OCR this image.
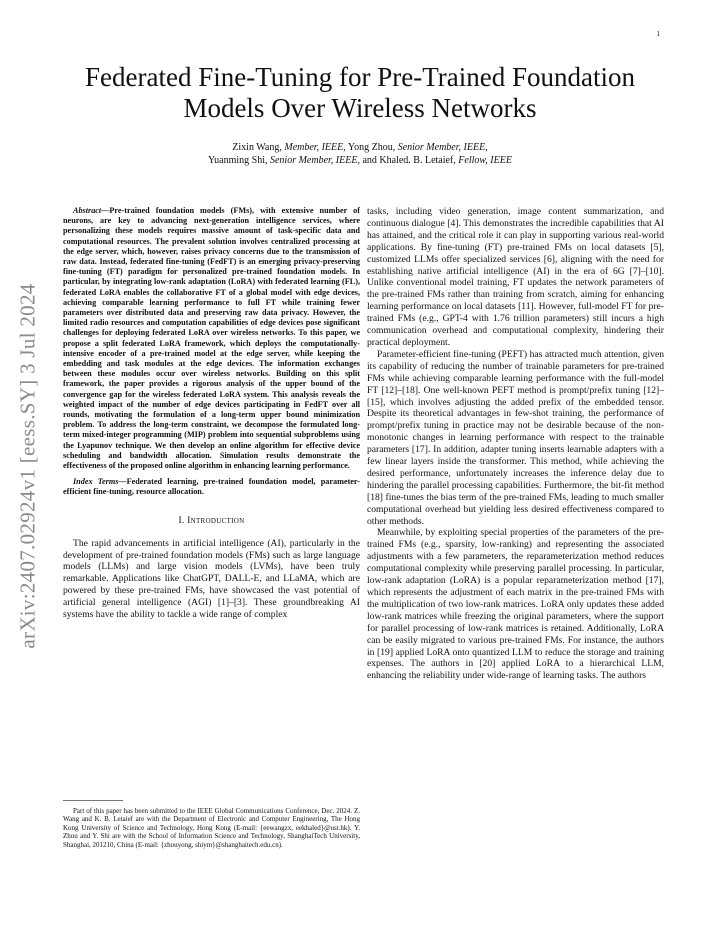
1
arXiv:2407.02924v1 [eess.SY] 3 Jul 2024
Federated Fine-Tuning for Pre-Trained Foundation Models Over Wireless Networks
Zixin Wang, Member, IEEE, Yong Zhou, Senior Member, IEEE,
Yuanming Shi, Senior Member, IEEE, and Khaled. B. Letaief, Fellow, IEEE

Abstract—Pre-trained foundation models (FMs), with extensive number of neurons, are key to advancing next-generation intelligence services, where personalizing these models requires massive amount of task-specific data and computational resources. The prevalent solution involves centralized processing at the edge server, which, however, raises privacy concerns due to the transmission of raw data. Instead, federated fine-tuning (FedFT) is an emerging privacy-preserving fine-tuning (FT) paradigm for personalized pre-trained foundation models. In particular, by integrating low-rank adaptation (LoRA) with federated learning (FL), federated LoRA enables the collaborative FT of a global model with edge devices, achieving comparable learning performance to full FT while training fewer parameters over distributed data and preserving raw data privacy. However, the limited radio resources and computation capabilities of edge devices pose significant challenges for deploying federated LoRA over wireless networks. To this paper, we propose a split federated LoRA framework, which deploys the computationally-intensive encoder of a pre-trained model at the edge server, while keeping the embedding and task modules at the edge devices. The information exchanges between these modules occur over wireless networks. Building on this split framework, the paper provides a rigorous analysis of the upper bound of the convergence gap for the wireless federated LoRA system. This analysis reveals the weighted impact of the number of edge devices participating in FedFT over all rounds, motivating the formulation of a long-term upper bound minimization problem. To address the long-term constraint, we decompose the formulated long-term mixed-integer programming (MIP) problem into sequential subproblems using the Lyapunov technique. We then develop an online algorithm for effective device scheduling and bandwidth allocation. Simulation results demonstrate the effectiveness of the proposed online algorithm in enhancing learning performance.

Index Terms—Federated learning, pre-trained foundation model, parameter-efficient fine-tuning, resource allocation.

I. Introduction

The rapid advancements in artificial intelligence (AI), particularly in the development of pre-trained foundation models (FMs) such as large language models (LLMs) and large vision models (LVMs), have been truly remarkable. Applications like ChatGPT, DALL-E, and LLaMA, which are powered by these pre-trained FMs, have showcased the vast potential of artificial general intelligence (AGI) [1]–[3]. These groundbreaking AI systems have the ability to tackle a wide range of complex

Part of this paper has been submitted to the IEEE Global Communications Conference, Dec. 2024. Z. Wang and K. B. Letaief are with the Department of Electronic and Computer Engineering, The Hong Kong University of Science and Technology, Hong Kong (E-mail: {eewangzx, eekhaled}@ust.hk). Y. Zhou and Y. Shi are with the School of Information Science and Technology, ShanghaiTech University, Shanghai, 201210, China (E-mail: {zhouyong, shiym}@shanghaitech.edu.cn).

tasks, including video generation, image content summarization, and continuous dialogue [4]. This demonstrates the incredible capabilities that AI has attained, and the critical role it can play in supporting various real-world applications. By fine-tuning (FT) pre-trained FMs on local datasets [5], customized LLMs offer specialized services [6], aligning with the need for establishing native artificial intelligence (AI) in the era of 6G [7]–[10]. Unlike conventional model training, FT updates the network parameters of the pre-trained FMs rather than training from scratch, aiming for enhancing learning performance on local datasets [11]. However, full-model FT for pre-trained FMs (e.g., GPT-4 with 1.76 trillion parameters) still incurs a high communication overhead and computational complexity, hindering their practical deployment.

Parameter-efficient fine-tuning (PEFT) has attracted much attention, given its capability of reducing the number of trainable parameters for pre-trained FMs while achieving comparable learning performance with the full-model FT [12]–[18]. One well-known PEFT method is prompt/prefix tuning [12]–[15], which involves adjusting the added prefix of the embedded tensor. Despite its theoretical advantages in few-shot training, the performance of prompt/prefix tuning in practice may not be desirable because of the non-monotonic changes in learning performance with respect to the trainable parameters [17]. In addition, adapter tuning inserts learnable adapters with a few linear layers inside the transformer. This method, while achieving the desired performance, unfortunately increases the inference delay due to hindering the parallel processing capabilities. Furthermore, the bit-fit method [18] fine-tunes the bias term of the pre-trained FMs, leading to much smaller computational overhead but yielding less desired effectiveness compared to other methods.

Meanwhile, by exploiting special properties of the parameters of the pre-trained FMs (e.g., sparsity, low-ranking) and representing the associated adjustments with a few parameters, the reparameterization method reduces computational complexity while preserving parallel processing. In particular, low-rank adaptation (LoRA) is a popular reparameterization method [17], which represents the adjustment of each matrix in the pre-trained FMs with the multiplication of two low-rank matrices. LoRA only updates these added low-rank matrices while freezing the original parameters, where the support for parallel processing of low-rank matrices is retained. Additionally, LoRA can be easily migrated to various pre-trained FMs. For instance, the authors in [19] applied LoRA onto quantized LLM to reduce the storage and training expenses. The authors in [20] applied LoRA to a hierarchical LLM, enhancing the reliability under wide-range of learning tasks. The authors
